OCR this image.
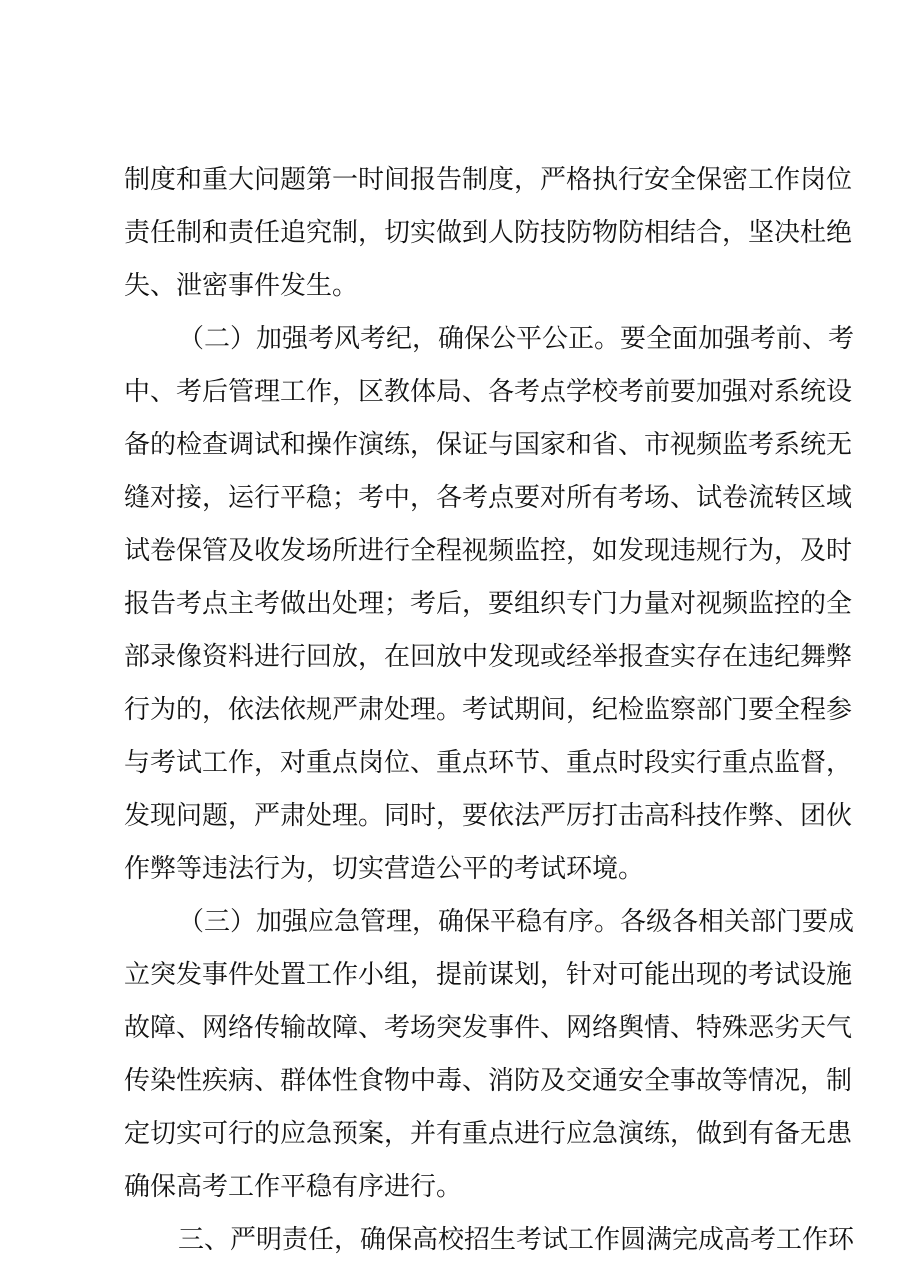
制度和重大问题第一时间报告制度，严格执行安全保密工作岗位
责任制和责任追究制，切实做到人防技防物防相结合，坚决杜绝
失、泄密事件发生。
（二）加强考风考纪，确保公平公正。要全面加强考前、考
中、考后管理工作，区教体局、各考点学校考前要加强对系统设
备的检查调试和操作演练，保证与国家和省、市视频监考系统无
缝对接，运行平稳；考中，各考点要对所有考场、试卷流转区域
试卷保管及收发场所进行全程视频监控，如发现违规行为，及时
报告考点主考做出处理；考后，要组织专门力量对视频监控的全
部录像资料进行回放，在回放中发现或经举报查实存在违纪舞弊
行为的，依法依规严肃处理。考试期间，纪检监察部门要全程参
与考试工作，对重点岗位、重点环节、重点时段实行重点监督，
发现问题，严肃处理。同时，要依法严厉打击高科技作弊、团伙
作弊等违法行为，切实营造公平的考试环境。
（三）加强应急管理，确保平稳有序。各级各相关部门要成
立突发事件处置工作小组，提前谋划，针对可能出现的考试设施
故障、网络传输故障、考场突发事件、网络舆情、特殊恶劣天气
传染性疾病、群体性食物中毒、消防及交通安全事故等情况，制
定切实可行的应急预案，并有重点进行应急演练，做到有备无患
确保高考工作平稳有序进行。
三、严明责任，确保高校招生考试工作圆满完成高考工作环
